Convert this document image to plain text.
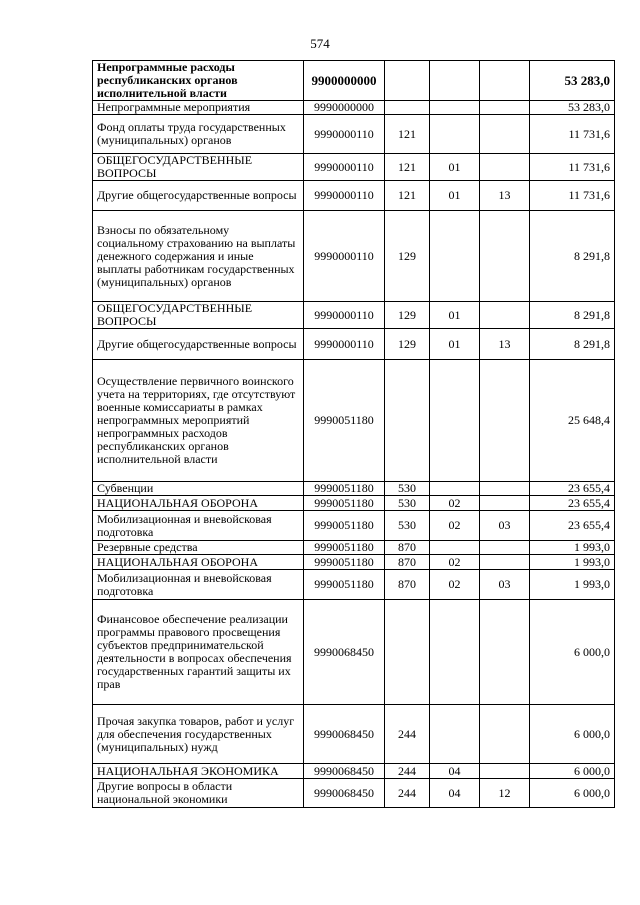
574
Непрограммные расходы республиканских органов исполнительной власти	9900000000				53 283,0
Непрограммные мероприятия	9990000000				53 283,0
Фонд оплаты труда государственных (муниципальных) органов	9990000110	121			11 731,6
ОБЩЕГОСУДАРСТВЕННЫЕ ВОПРОСЫ	9990000110	121	01		11 731,6
Другие общегосударственные вопросы	9990000110	121	01	13	11 731,6
Взносы по обязательному социальному страхованию на выплаты денежного содержания и иные выплаты работникам государственных (муниципальных) органов	9990000110	129			8 291,8
ОБЩЕГОСУДАРСТВЕННЫЕ ВОПРОСЫ	9990000110	129	01		8 291,8
Другие общегосударственные вопросы	9990000110	129	01	13	8 291,8
Осуществление первичного воинского учета на территориях, где отсутствуют военные комиссариаты в рамках непрограммных мероприятий непрограммных расходов республиканских органов исполнительной власти	9990051180				25 648,4
Субвенции	9990051180	530			23 655,4
НАЦИОНАЛЬНАЯ ОБОРОНА	9990051180	530	02		23 655,4
Мобилизационная и вневойсковая подготовка	9990051180	530	02	03	23 655,4
Резервные средства	9990051180	870			1 993,0
НАЦИОНАЛЬНАЯ ОБОРОНА	9990051180	870	02		1 993,0
Мобилизационная и вневойсковая подготовка	9990051180	870	02	03	1 993,0
Финансовое обеспечение реализации программы правового просвещения субъектов предпринимательской деятельности в вопросах обеспечения государственных гарантий защиты их прав	9990068450				6 000,0
Прочая закупка товаров, работ и услуг для обеспечения государственных (муниципальных) нужд	9990068450	244			6 000,0
НАЦИОНАЛЬНАЯ ЭКОНОМИКА	9990068450	244	04		6 000,0
Другие вопросы в области национальной экономики	9990068450	244	04	12	6 000,0
